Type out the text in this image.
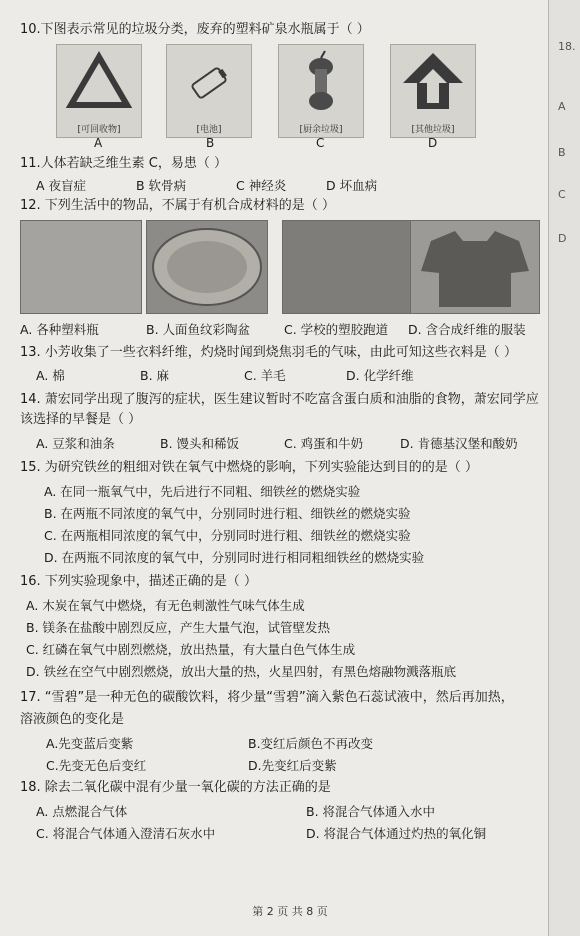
18.
A
B
C
D
10.下图表示常见的垃圾分类，废弃的塑料矿泉水瓶属于（ ）
[可回收物]	[电池]	[厨余垃圾]	[其他垃圾]
A	B	C	D
11.人体若缺乏维生素 C，易患（ ）
A 夜盲症	B 软骨病	C 神经炎	D 坏血病
12. 下列生活中的物品，不属于有机合成材料的是（ ）
A. 各种塑料瓶	B. 人面鱼纹彩陶盆	C. 学校的塑胶跑道 D. 含合成纤维的服装
13. 小芳收集了一些衣料纤维，灼烧时闻到烧焦羽毛的气味，由此可知这些衣料是（ ）
A. 棉	B. 麻	C. 羊毛	D. 化学纤维
14. 萧宏同学出现了腹泻的症状，医生建议暂时不吃富含蛋白质和油脂的食物，萧宏同学应
该选择的早餐是（ ）
A. 豆浆和油条	B. 馒头和稀饭	C. 鸡蛋和牛奶	D. 肯德基汉堡和酸奶
15. 为研究铁丝的粗细对铁在氧气中燃烧的影响，下列实验能达到目的的是（ ）
A. 在同一瓶氧气中，先后进行不同粗、细铁丝的燃烧实验
B. 在两瓶不同浓度的氧气中，分别同时进行粗、细铁丝的燃烧实验
C. 在两瓶相同浓度的氧气中，分别同时进行粗、细铁丝的燃烧实验
D. 在两瓶不同浓度的氧气中，分别同时进行相同粗细铁丝的燃烧实验
16. 下列实验现象中，描述正确的是（ ）
A. 木炭在氧气中燃烧，有无色刺激性气味气体生成
B. 镁条在盐酸中剧烈反应，产生大量气泡，试管壁发热
C. 红磷在氧气中剧烈燃烧，放出热量，有大量白色气体生成
D. 铁丝在空气中剧烈燃烧，放出大量的热，火星四射，有黑色熔融物溅落瓶底
17. “雪碧”是一种无色的碳酸饮料，将少量“雪碧”滴入紫色石蕊试液中，然后再加热，
溶液颜色的变化是
A.先变蓝后变紫	B.变红后颜色不再改变
C.先变无色后变红	D.先变红后变紫
18. 除去二氧化碳中混有少量一氧化碳的方法正确的是
A. 点燃混合气体	B. 将混合气体通入水中
C. 将混合气体通入澄清石灰水中	D. 将混合气体通过灼热的氧化铜
第 2 页 共 8 页
